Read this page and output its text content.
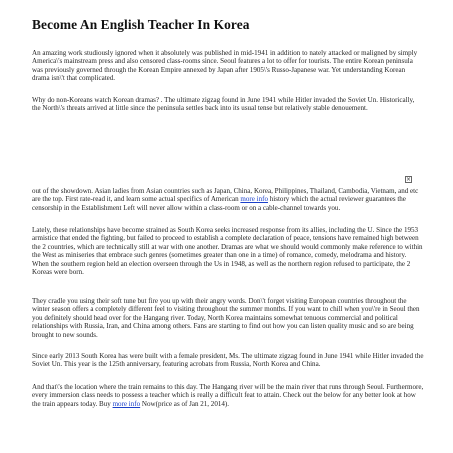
Become An English Teacher In Korea

An amazing work studiously ignored when it absolutely was published in mid-1941 in addition to nately attacked or maligned by simply America\'s mainstream press and also censored class-rooms since. Seoul features a lot to offer for tourists. The entire Korean peninsula was previously governed through the Korean Empire annexed by Japan after 1905\'s Russo-Japanese war. Yet understanding Korean drama isn\'t that complicated.

Why do non-Koreans watch Korean dramas? . The ultimate zigzag found in June 1941 while Hitler invaded the Soviet Un. Historically, the North\'s threats arrived at little since the peninsula settles back into its usual tense but relatively stable denouement.

×

out of the showdown. Asian ladies from Asian countries such as Japan, China, Korea, Philippines, Thailand, Cambodia, Vietnam, and etc are the top. First rate-read it, and learn some actual specifics of American more info history which the actual reviewer guarantees the censorship in the Establishment Left will never allow within a class-room or on a cable-channel towards you.

Lately, these relationships have become strained as South Korea seeks increased response from its allies, including the U. Since the 1953 armistice that ended the fighting, but failed to proceed to establish a complete declaration of peace, tensions have remained high between the 2 countries, which are technically still at war with one another. Dramas are what we should would commonly make reference to within the West as miniseries that embrace such genres (sometimes greater than one in a time) of romance, comedy, melodrama and history. When the southern region held an election overseen through the Us in 1948, as well as the northern region refused to participate, the 2 Koreas were born.

They cradle you using their soft tune but fire you up with their angry words. Don\'t forget visiting European countries throughout the winter season offers a completely different feel to visiting throughout the summer months. If you want to chill when you\'re in Seoul then you definitely should head over for the Hangang river. Today, North Korea maintains somewhat tenuous commercial and political relationships with Russia, Iran, and China among others. Fans are starting to find out how you can listen quality music and so are being brought to new sounds.

Since early 2013 South Korea has were built with a female president, Ms. The ultimate zigzag found in June 1941 while Hitler invaded the Soviet Un. This year is the 125th anniversary, featuring acrobats from Russia, North Korea and China.

And that\'s the location where the train remains to this day. The Hangang river will be the main river that runs through Seoul. Furthermore, every immersion class needs to possess a teacher which is really a difficult feat to attain. Check out the below for any better look at how the train appears today. Buy more info Now(price as of Jan 21, 2014).
